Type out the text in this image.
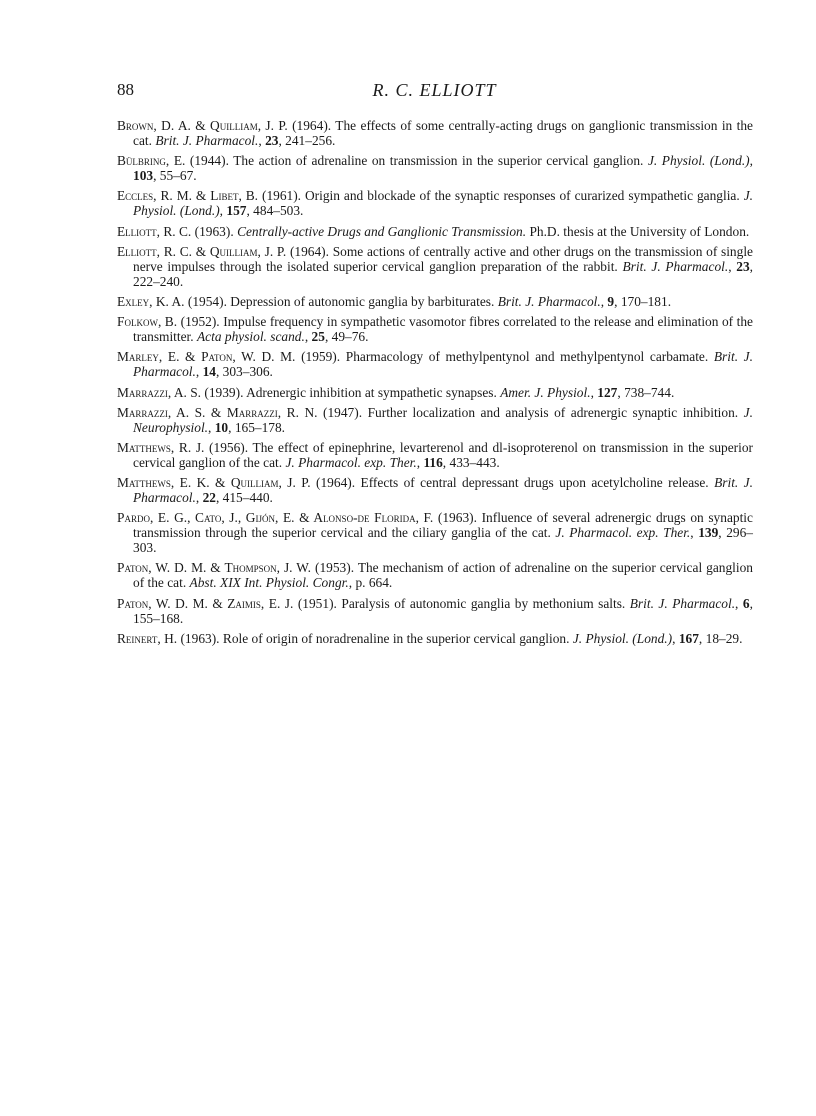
88	R. C. ELLIOTT

Brown, D. A. & Quilliam, J. P. (1964). The effects of some centrally-acting drugs on ganglionic transmission in the cat. Brit. J. Pharmacol., 23, 241–256.

Bülbring, E. (1944). The action of adrenaline on transmission in the superior cervical ganglion. J. Physiol. (Lond.), 103, 55–67.

Eccles, R. M. & Libet, B. (1961). Origin and blockade of the synaptic responses of curarized sympathetic ganglia. J. Physiol. (Lond.), 157, 484–503.

Elliott, R. C. (1963). Centrally-active Drugs and Ganglionic Transmission. Ph.D. thesis at the University of London.

Elliott, R. C. & Quilliam, J. P. (1964). Some actions of centrally active and other drugs on the transmission of single nerve impulses through the isolated superior cervical ganglion preparation of the rabbit. Brit. J. Pharmacol., 23, 222–240.

Exley, K. A. (1954). Depression of autonomic ganglia by barbiturates. Brit. J. Pharmacol., 9, 170–181.

Folkow, B. (1952). Impulse frequency in sympathetic vasomotor fibres correlated to the release and elimination of the transmitter. Acta physiol. scand., 25, 49–76.

Marley, E. & Paton, W. D. M. (1959). Pharmacology of methylpentynol and methylpentynol carbamate. Brit. J. Pharmacol., 14, 303–306.

Marrazzi, A. S. (1939). Adrenergic inhibition at sympathetic synapses. Amer. J. Physiol., 127, 738–744.

Marrazzi, A. S. & Marrazzi, R. N. (1947). Further localization and analysis of adrenergic synaptic inhibition. J. Neurophysiol., 10, 165–178.

Matthews, R. J. (1956). The effect of epinephrine, levarterenol and dl-isoproterenol on transmission in the superior cervical ganglion of the cat. J. Pharmacol. exp. Ther., 116, 433–443.

Matthews, E. K. & Quilliam, J. P. (1964). Effects of central depressant drugs upon acetylcholine release. Brit. J. Pharmacol., 22, 415–440.

Pardo, E. G., Cato, J., Gijón, E. & Alonso-de Florida, F. (1963). Influence of several adrenergic drugs on synaptic transmission through the superior cervical and the ciliary ganglia of the cat. J. Pharmacol. exp. Ther., 139, 296–303.

Paton, W. D. M. & Thompson, J. W. (1953). The mechanism of action of adrenaline on the superior cervical ganglion of the cat. Abst. XIX Int. Physiol. Congr., p. 664.

Paton, W. D. M. & Zaimis, E. J. (1951). Paralysis of autonomic ganglia by methonium salts. Brit. J. Pharmacol., 6, 155–168.

Reinert, H. (1963). Role of origin of noradrenaline in the superior cervical ganglion. J. Physiol. (Lond.), 167, 18–29.
